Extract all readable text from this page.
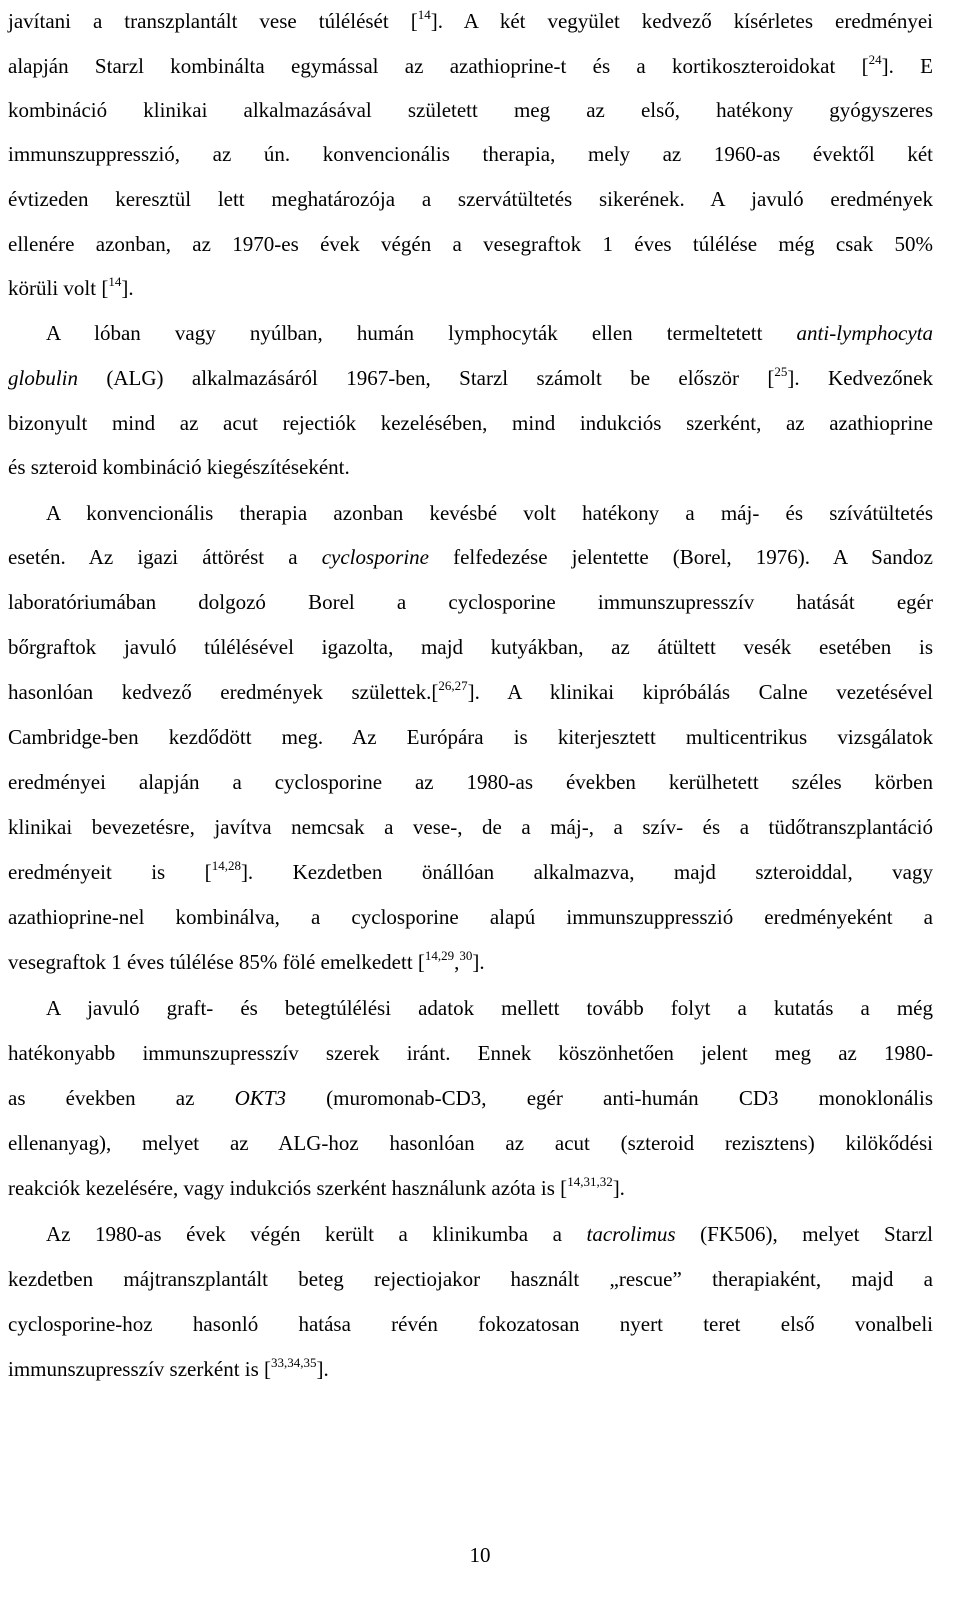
javítani a transzplantált vese túlélését [$^{14}$]. A két vegyület kedvező kísérletes eredményei
alapján Starzl kombinálta egymással az azathioprine-t és a kortikoszteroidokat [$^{24}$]. E
kombináció klinikai alkalmazásával született meg az első, hatékony gyógyszeres
immunszuppresszió, az ún. konvencionális therapia, mely az 1960-as évektől két
évtizeden keresztül lett meghatározója a szervátültetés sikerének. A javuló eredmények
ellenére azonban, az 1970-es évek végén a vesegraftok 1 éves túlélése még csak 50%
körüli volt [$^{14}$].
A lóban vagy nyúlban, humán lymphocyták ellen termeltetett anti-lymphocyta
globulin (ALG) alkalmazásáról 1967-ben, Starzl számolt be először [$^{25}$]. Kedvezőnek
bizonyult mind az acut rejectiók kezelésében, mind indukciós szerként, az azathioprine
és szteroid kombináció kiegészítéseként.
A konvencionális therapia azonban kevésbé volt hatékony a máj- és szívátültetés
esetén. Az igazi áttörést a cyclosporine felfedezése jelentette (Borel, 1976). A Sandoz
laboratóriumában dolgozó Borel a cyclosporine immunszupresszív hatását egér
bőrgraftok javuló túlélésével igazolta, majd kutyákban, az átültett vesék esetében is
hasonlóan kedvező eredmények születtek.[$^{26,27}$]. A klinikai kipróbálás Calne vezetésével
Cambridge-ben kezdődött meg. Az Európára is kiterjesztett multicentrikus vizsgálatok
eredményei alapján a cyclosporine az 1980-as években kerülhetett széles körben
klinikai bevezetésre, javítva nemcsak a vese-, de a máj-, a szív- és a tüdőtranszplantáció
eredményeit is [$^{14,28}$]. Kezdetben önállóan alkalmazva, majd szteroiddal, vagy
azathioprine-nel kombinálva, a cyclosporine alapú immunszuppresszió eredményeként a
vesegraftok 1 éves túlélése 85% fölé emelkedett [$^{14,29}$,$^{30}$].
A javuló graft- és betegtúlélési adatok mellett tovább folyt a kutatás a még
hatékonyabb immunszupresszív szerek iránt. Ennek köszönhetően jelent meg az 1980-
as években az OKT3 (muromonab-CD3, egér anti-humán CD3 monoklonális
ellenanyag), melyet az ALG-hoz hasonlóan az acut (szteroid rezisztens) kilökődési
reakciók kezelésére, vagy indukciós szerként használunk azóta is [$^{14,31,32}$].
Az 1980-as évek végén került a klinikumba a tacrolimus (FK506), melyet Starzl
kezdetben májtranszplantált beteg rejectiojakor használt „rescue” therapiaként, majd a
cyclosporine-hoz hasonló hatása révén fokozatosan nyert teret első vonalbeli
immunszupresszív szerként is [$^{33,34,35}$].
10
